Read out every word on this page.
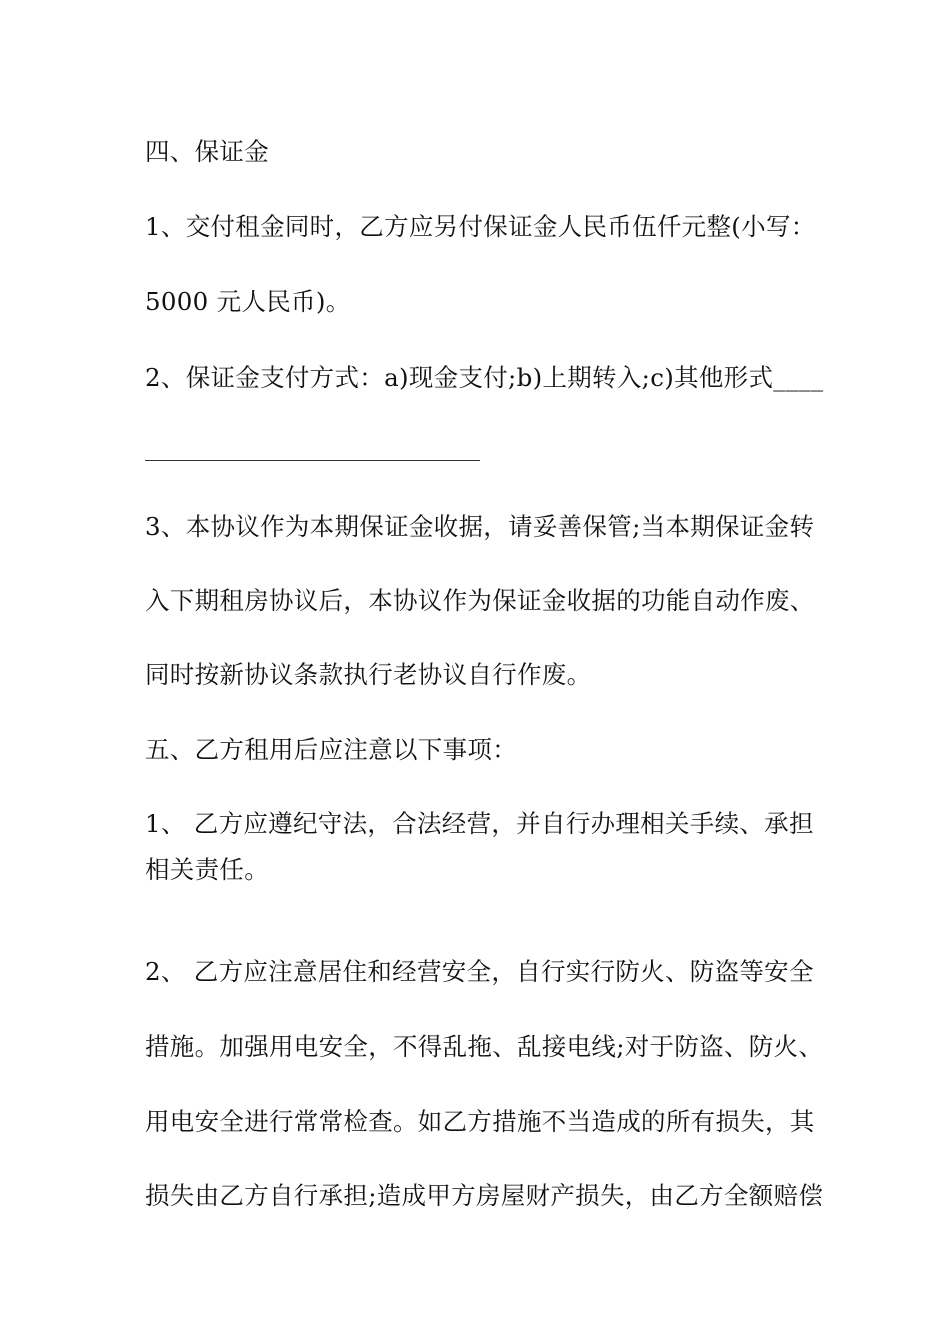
四、保证金
1、交付租金同时，乙方应另付保证金人民币伍仟元整(小写：
5000 元人民币)。
2、保证金支付方式：a)现金支付;b)上期转入;c)其他形式____
3、本协议作为本期保证金收据，请妥善保管;当本期保证金转
入下期租房协议后，本协议作为保证金收据的功能自动作废、
同时按新协议条款执行老协议自行作废。
五、乙方租用后应注意以下事项：
1、 乙方应遵纪守法，合法经营，并自行办理相关手续、承担
相关责任。
2、 乙方应注意居住和经营安全，自行实行防火、防盗等安全
措施。加强用电安全，不得乱拖、乱接电线;对于防盗、防火、
用电安全进行常常检查。如乙方措施不当造成的所有损失，其
损失由乙方自行承担;造成甲方房屋财产损失，由乙方全额赔偿
